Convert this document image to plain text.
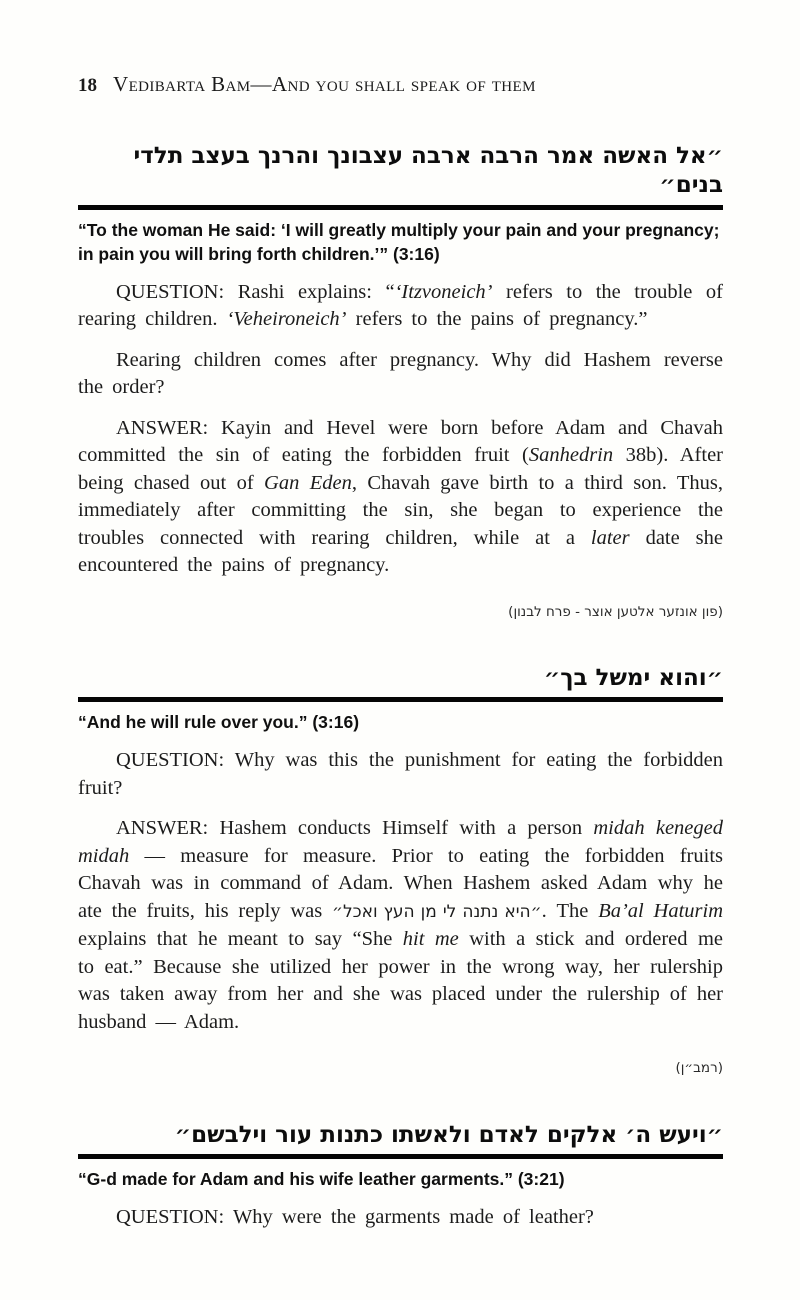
18 Vedibarta Bam—And you shall speak of them
״אל האשה אמר הרבה ארבה עצבונך והרנך בעצב תלדי בנים״

“To the woman He said: ‘I will greatly multiply your pain and your pregnancy; in pain you will bring forth children.’” (3:16)

QUESTION: Rashi explains: “‘Itzvoneich’ refers to the trouble of rearing children. ‘Veheironeich’ refers to the pains of pregnancy.”

Rearing children comes after pregnancy. Why did Hashem reverse the order?

ANSWER: Kayin and Hevel were born before Adam and Chavah committed the sin of eating the forbidden fruit (Sanhedrin 38b). After being chased out of Gan Eden, Chavah gave birth to a third son. Thus, immediately after committing the sin, she began to experience the troubles connected with rearing children, while at a later date she encountered the pains of pregnancy.

(פון אונזער אלטען אוצר - פרח לבנון)

״והוא ימשל בך״

“And he will rule over you.” (3:16)

QUESTION: Why was this the punishment for eating the forbidden fruit?

ANSWER: Hashem conducts Himself with a person midah keneged midah — measure for measure. Prior to eating the forbidden fruits Chavah was in command of Adam. When Hashem asked Adam why he ate the fruits, his reply was ״היא נתנה לי מן העץ ואכל״. The Ba’al Haturim explains that he meant to say “She hit me with a stick and ordered me to eat.” Because she utilized her power in the wrong way, her rulership was taken away from her and she was placed under the rulership of her husband — Adam.

(רמב״ן)

״ויעש ה׳ אלקים לאדם ולאשתו כתנות עור וילבשם״

“G-d made for Adam and his wife leather garments.” (3:21)

QUESTION: Why were the garments made of leather?
